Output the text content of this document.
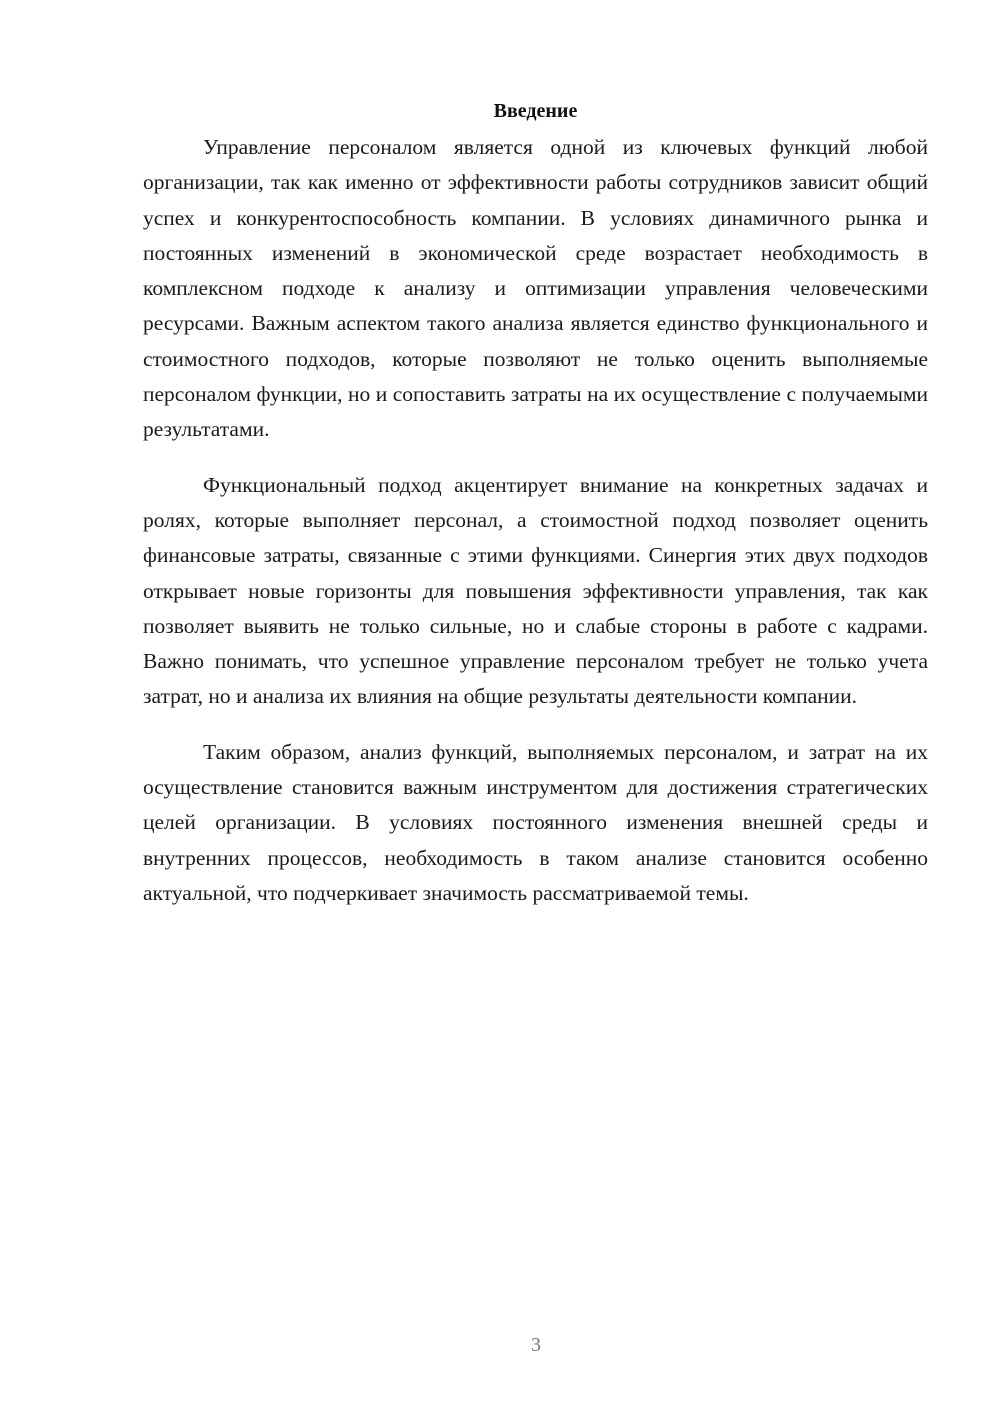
Введение

Управление персоналом является одной из ключевых функций любой организации, так как именно от эффективности работы сотрудников зависит общий успех и конкурентоспособность компании. В условиях динамичного рынка и постоянных изменений в экономической среде возрастает необходимость в комплексном подходе к анализу и оптимизации управления человеческими ресурсами. Важным аспектом такого анализа является единство функционального и стоимостного подходов, которые позволяют не только оценить выполняемые персоналом функции, но и сопоставить затраты на их осуществление с получаемыми результатами.

Функциональный подход акцентирует внимание на конкретных задачах и ролях, которые выполняет персонал, а стоимостной подход позволяет оценить финансовые затраты, связанные с этими функциями. Синергия этих двух подходов открывает новые горизонты для повышения эффективности управления, так как позволяет выявить не только сильные, но и слабые стороны в работе с кадрами. Важно понимать, что успешное управление персоналом требует не только учета затрат, но и анализа их влияния на общие результаты деятельности компании.

Таким образом, анализ функций, выполняемых персоналом, и затрат на их осуществление становится важным инструментом для достижения стратегических целей организации. В условиях постоянного изменения внешней среды и внутренних процессов, необходимость в таком анализе становится особенно актуальной, что подчеркивает значимость рассматриваемой темы.

3
